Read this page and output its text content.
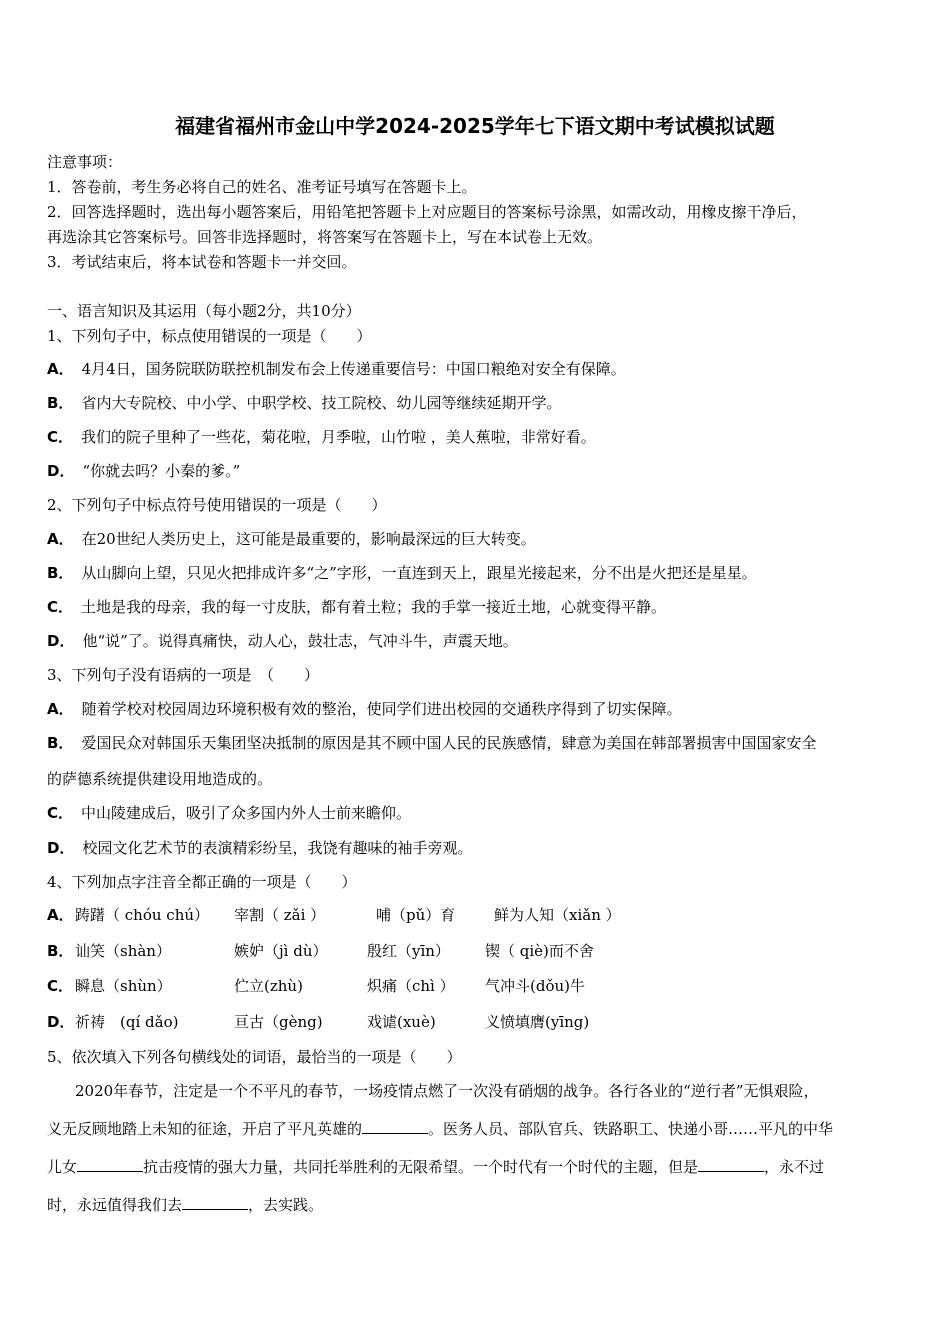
福建省福州市金山中学2024-2025学年七下语文期中考试模拟试题
注意事项：
1．答卷前，考生务必将自己的姓名、准考证号填写在答题卡上。
2．回答选择题时，选出每小题答案后，用铅笔把答题卡上对应题目的答案标号涂黑，如需改动，用橡皮擦干净后，
再选涂其它答案标号。回答非选择题时，将答案写在答题卡上，写在本试卷上无效。
3．考试结束后，将本试卷和答题卡一并交回。
一、语言知识及其运用（每小题2分，共10分）
1、下列句子中，标点使用错误的一项是（　　）
A． 4月4日，国务院联防联控机制发布会上传递重要信号：中国口粮绝对安全有保障。
B． 省内大专院校、中小学、中职学校、技工院校、幼儿园等继续延期开学。
C． 我们的院子里种了一些花，菊花啦，月季啦，山竹啦 ，美人蕉啦，非常好看。
D． “你就去吗？小秦的爹。”
2、下列句子中标点符号使用错误的一项是（　　）
A． 在20世纪人类历史上，这可能是最重要的，影响最深远的巨大转变。
B． 从山脚向上望，只见火把排成许多“之”字形，一直连到天上，跟星光接起来，分不出是火把还是星星。
C． 土地是我的母亲，我的每一寸皮肤，都有着土粒；我的手掌一接近土地，心就变得平静。
D． 他“说”了。说得真痛快，动人心，鼓壮志，气冲斗牛，声震天地。
3、下列句子没有语病的一项是　（　　）
A． 随着学校对校园周边环境积极有效的整治，使同学们进出校园的交通秩序得到了切实保障。
B． 爱国民众对韩国乐天集团坚决抵制的原因是其不顾中国人民的民族感情，肆意为美国在韩部署损害中国国家安全
的萨德系统提供建设用地造成的。
C． 中山陵建成后，吸引了众多国内外人士前来瞻仰。
D． 校园文化艺术节的表演精彩纷呈，我饶有趣味的袖手旁观。
4、下列加点字注音全都正确的一项是（　　）
A． 踌躇（ chóu chú） 宰割（ zǎi ）	哺（pǔ）育	鲜为人知（xiǎn ）
B． 讪笑（shàn）	嫉妒（jì dù）	殷红（yīn） 锲（ qiè)而不舍
C． 瞬息（shùn）	伫立(zhù)	炽痛（chì ） 气冲斗(dǒu)牛
D． 祈祷　(qí dǎo)	亘古（gèng)	戏谑(xuè)	义愤填膺(yīng)
5、依次填入下列各句横线处的词语，最恰当的一项是（　　）
2020年春节，注定是一个不平凡的春节，一场疫情点燃了一次没有硝烟的战争。各行各业的“逆行者”无惧艰险，
义无反顾地踏上未知的征途，开启了平凡英雄的	。医务人员、部队官兵、铁路职工、快递小哥……平凡的中华
儿女	抗击疫情的强大力量，共同托举胜利的无限希望。一个时代有一个时代的主题，但是	，永不过
时，永远值得我们去	，去实践。
